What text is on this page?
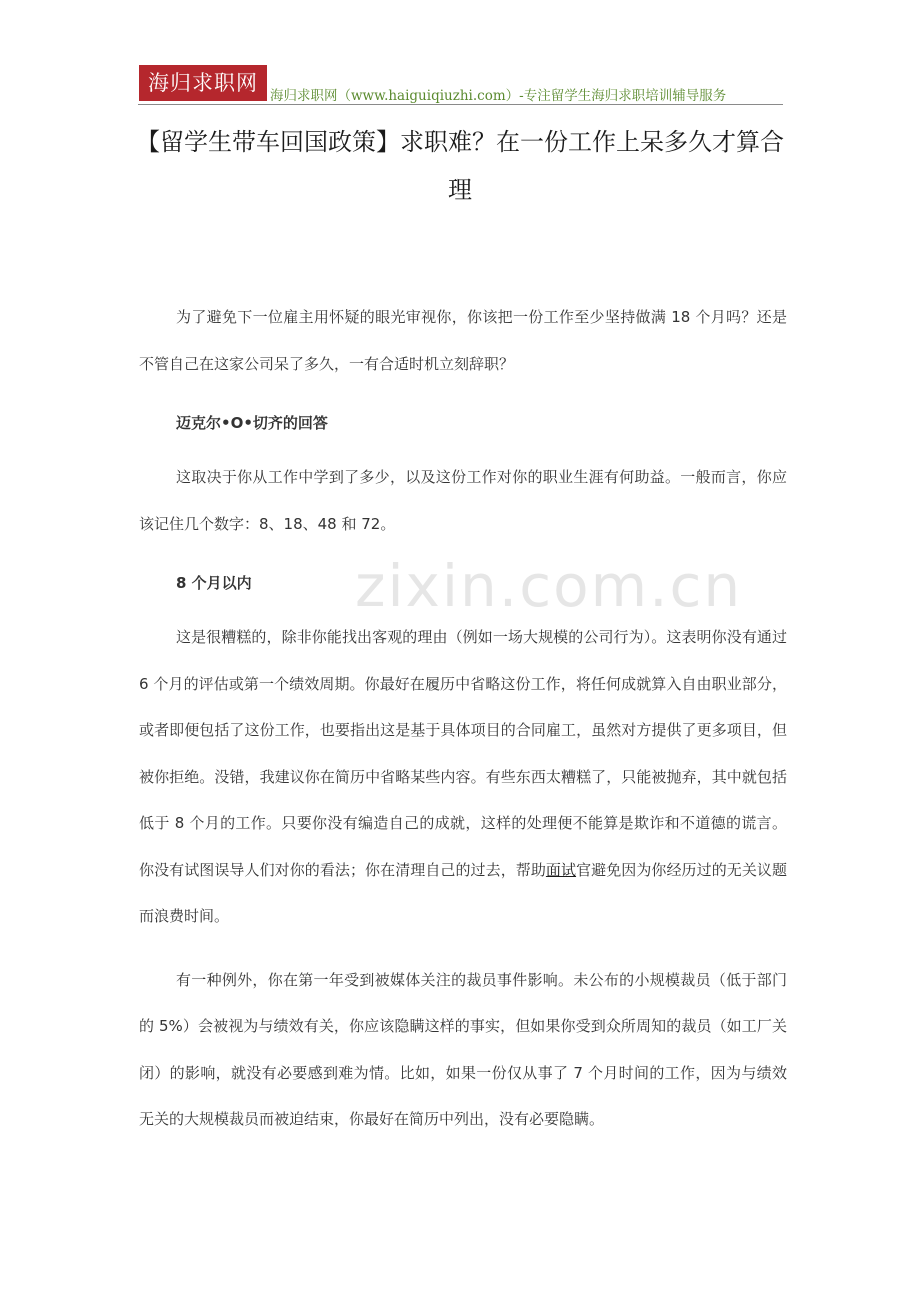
海归求职网
海归求职网（www.haiguiqiuzhi.com）-专注留学生海归求职培训辅导服务
【留学生带车回国政策】求职难？在一份工作上呆多久才算合理
zixin.com.cn

为了避免下一位雇主用怀疑的眼光审视你，你该把一份工作至少坚持做满 18 个月吗？还是不管自己在这家公司呆了多久，一有合适时机立刻辞职？

迈克尔•O•切齐的回答

这取决于你从工作中学到了多少，以及这份工作对你的职业生涯有何助益。一般而言，你应该记住几个数字：8、18、48 和 72。

8 个月以内

这是很糟糕的，除非你能找出客观的理由（例如一场大规模的公司行为）。这表明你没有通过 6 个月的评估或第一个绩效周期。你最好在履历中省略这份工作，将任何成就算入自由职业部分，或者即便包括了这份工作，也要指出这是基于具体项目的合同雇工，虽然对方提供了更多项目，但被你拒绝。没错，我建议你在简历中省略某些内容。有些东西太糟糕了，只能被抛弃，其中就包括低于 8 个月的工作。只要你没有编造自己的成就，这样的处理便不能算是欺诈和不道德的谎言。你没有试图误导人们对你的看法；你在清理自己的过去，帮助面试官避免因为你经历过的无关议题而浪费时间。

有一种例外，你在第一年受到被媒体关注的裁员事件影响。未公布的小规模裁员（低于部门的 5%）会被视为与绩效有关，你应该隐瞒这样的事实，但如果你受到众所周知的裁员（如工厂关闭）的影响，就没有必要感到难为情。比如，如果一份仅从事了 7 个月时间的工作，因为与绩效无关的大规模裁员而被迫结束，你最好在简历中列出，没有必要隐瞒。
